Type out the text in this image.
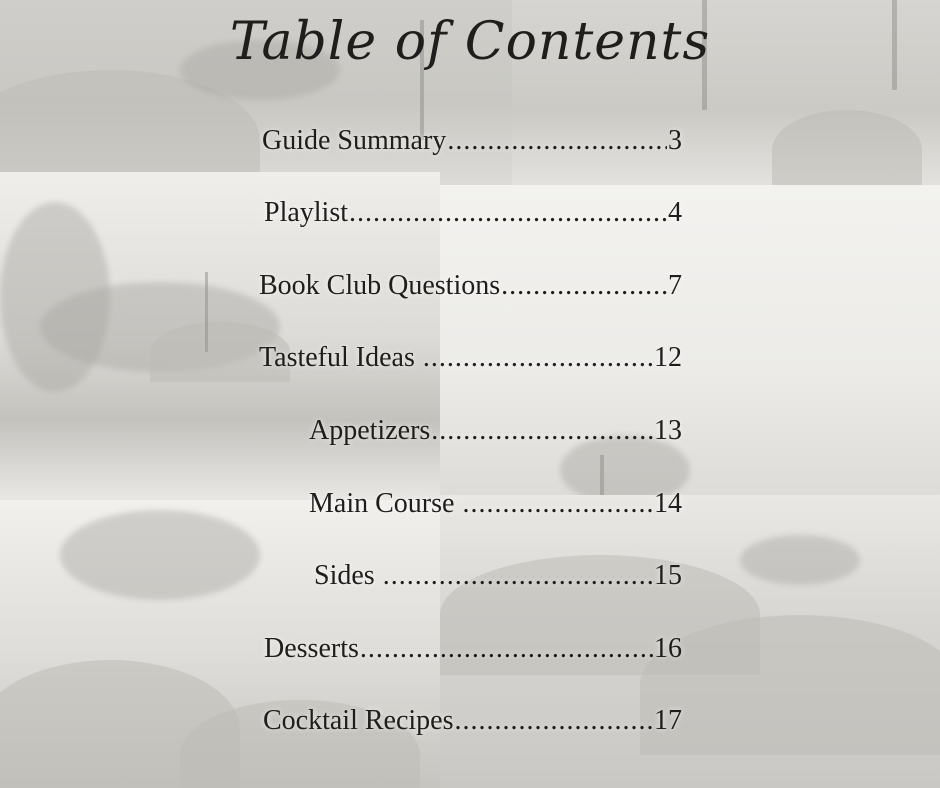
Table of Contents
Guide Summary .....	3
Playlist .....	4
Book Club Questions .....	7
Tasteful Ideas .....	12
Appetizers .....	13
Main Course .....	14
Sides .....	15
Desserts .....	16
Cocktail Recipes .....	17
